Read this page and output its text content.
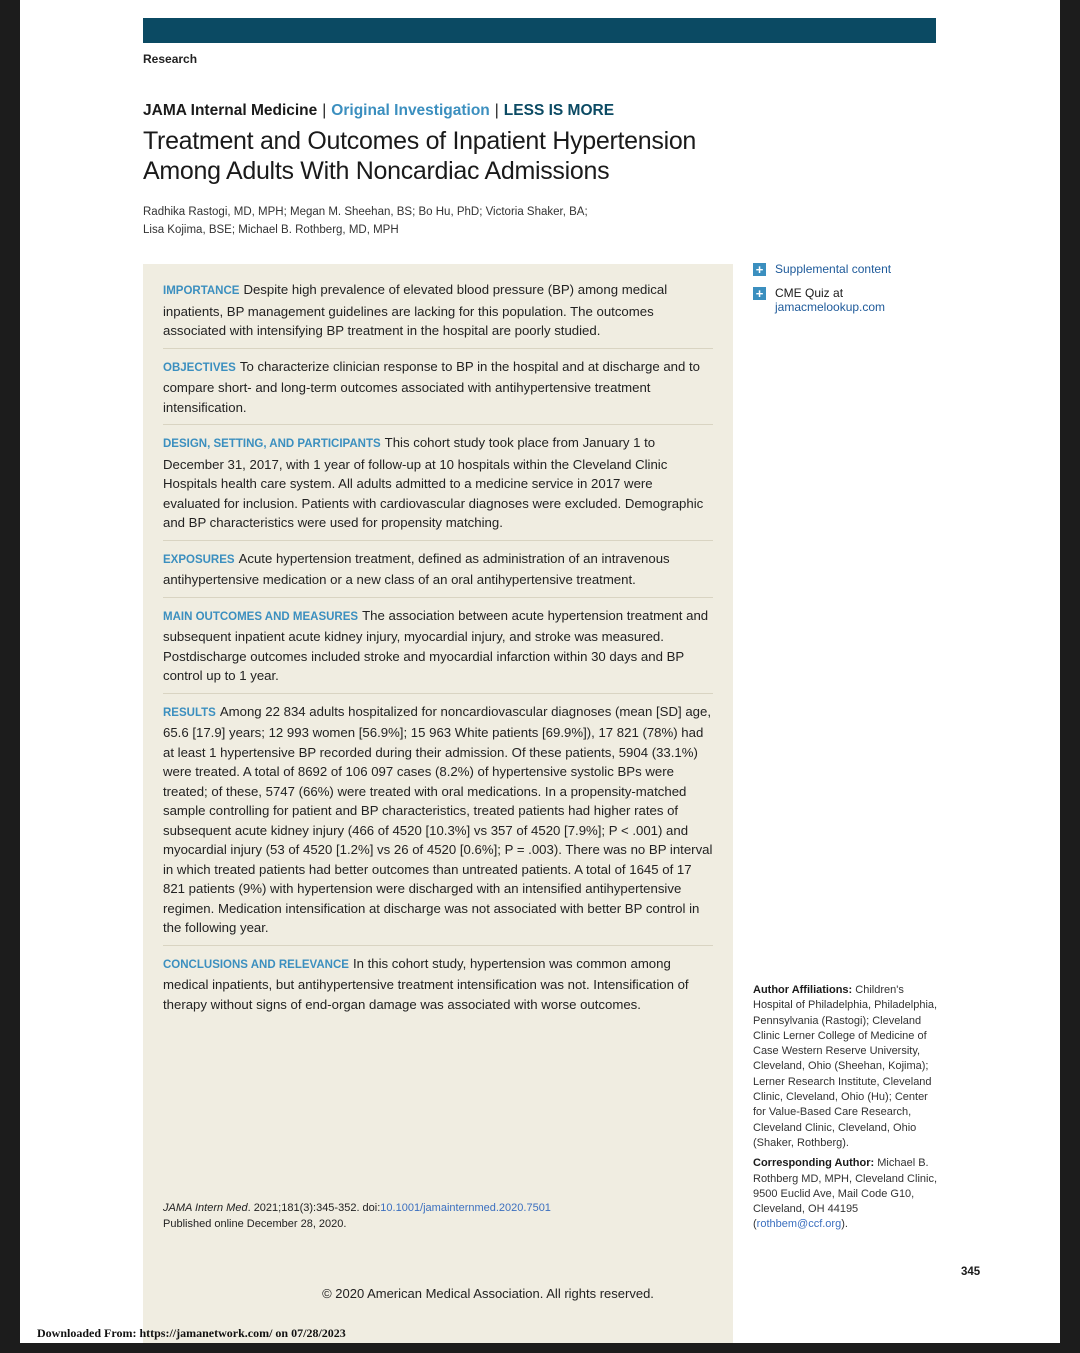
Research
JAMA Internal Medicine | Original Investigation | LESS IS MORE
Treatment and Outcomes of Inpatient Hypertension Among Adults With Noncardiac Admissions
Radhika Rastogi, MD, MPH; Megan M. Sheehan, BS; Bo Hu, PhD; Victoria Shaker, BA;
Lisa Kojima, BSE; Michael B. Rothberg, MD, MPH
+ Supplemental content
+ CME Quiz at
jamacmelookup.com
IMPORTANCE Despite high prevalence of elevated blood pressure (BP) among medical inpatients, BP management guidelines are lacking for this population. The outcomes associated with intensifying BP treatment in the hospital are poorly studied.
OBJECTIVES To characterize clinician response to BP in the hospital and at discharge and to compare short- and long-term outcomes associated with antihypertensive treatment intensification.
DESIGN, SETTING, AND PARTICIPANTS This cohort study took place from January 1 to December 31, 2017, with 1 year of follow-up at 10 hospitals within the Cleveland Clinic Hospitals health care system. All adults admitted to a medicine service in 2017 were evaluated for inclusion. Patients with cardiovascular diagnoses were excluded. Demographic and BP characteristics were used for propensity matching.
EXPOSURES Acute hypertension treatment, defined as administration of an intravenous antihypertensive medication or a new class of an oral antihypertensive treatment.
MAIN OUTCOMES AND MEASURES The association between acute hypertension treatment and subsequent inpatient acute kidney injury, myocardial injury, and stroke was measured. Postdischarge outcomes included stroke and myocardial infarction within 30 days and BP control up to 1 year.
RESULTS Among 22 834 adults hospitalized for noncardiovascular diagnoses (mean [SD] age, 65.6 [17.9] years; 12 993 women [56.9%]; 15 963 White patients [69.9%]), 17 821 (78%) had at least 1 hypertensive BP recorded during their admission. Of these patients, 5904 (33.1%) were treated. A total of 8692 of 106 097 cases (8.2%) of hypertensive systolic BPs were treated; of these, 5747 (66%) were treated with oral medications. In a propensity-matched sample controlling for patient and BP characteristics, treated patients had higher rates of subsequent acute kidney injury (466 of 4520 [10.3%] vs 357 of 4520 [7.9%]; P < .001) and myocardial injury (53 of 4520 [1.2%] vs 26 of 4520 [0.6%]; P = .003). There was no BP interval in which treated patients had better outcomes than untreated patients. A total of 1645 of 17 821 patients (9%) with hypertension were discharged with an intensified antihypertensive regimen. Medication intensification at discharge was not associated with better BP control in the following year.
CONCLUSIONS AND RELEVANCE In this cohort study, hypertension was common among medical inpatients, but antihypertensive treatment intensification was not. Intensification of therapy without signs of end-organ damage was associated with worse outcomes.
JAMA Intern Med. 2021;181(3):345-352. doi:10.1001/jamainternmed.2020.7501
Published online December 28, 2020.
© 2020 American Medical Association. All rights reserved.
Author Affiliations: Children's Hospital of Philadelphia, Philadelphia, Pennsylvania (Rastogi); Cleveland Clinic Lerner College of Medicine of Case Western Reserve University, Cleveland, Ohio (Sheehan, Kojima); Lerner Research Institute, Cleveland Clinic, Cleveland, Ohio (Hu); Center for Value-Based Care Research, Cleveland Clinic, Cleveland, Ohio (Shaker, Rothberg).
Corresponding Author: Michael B. Rothberg MD, MPH, Cleveland Clinic, 9500 Euclid Ave, Mail Code G10, Cleveland, OH 44195 (rothbem@ccf.org).
345
Downloaded From: https://jamanetwork.com/ on 07/28/2023
